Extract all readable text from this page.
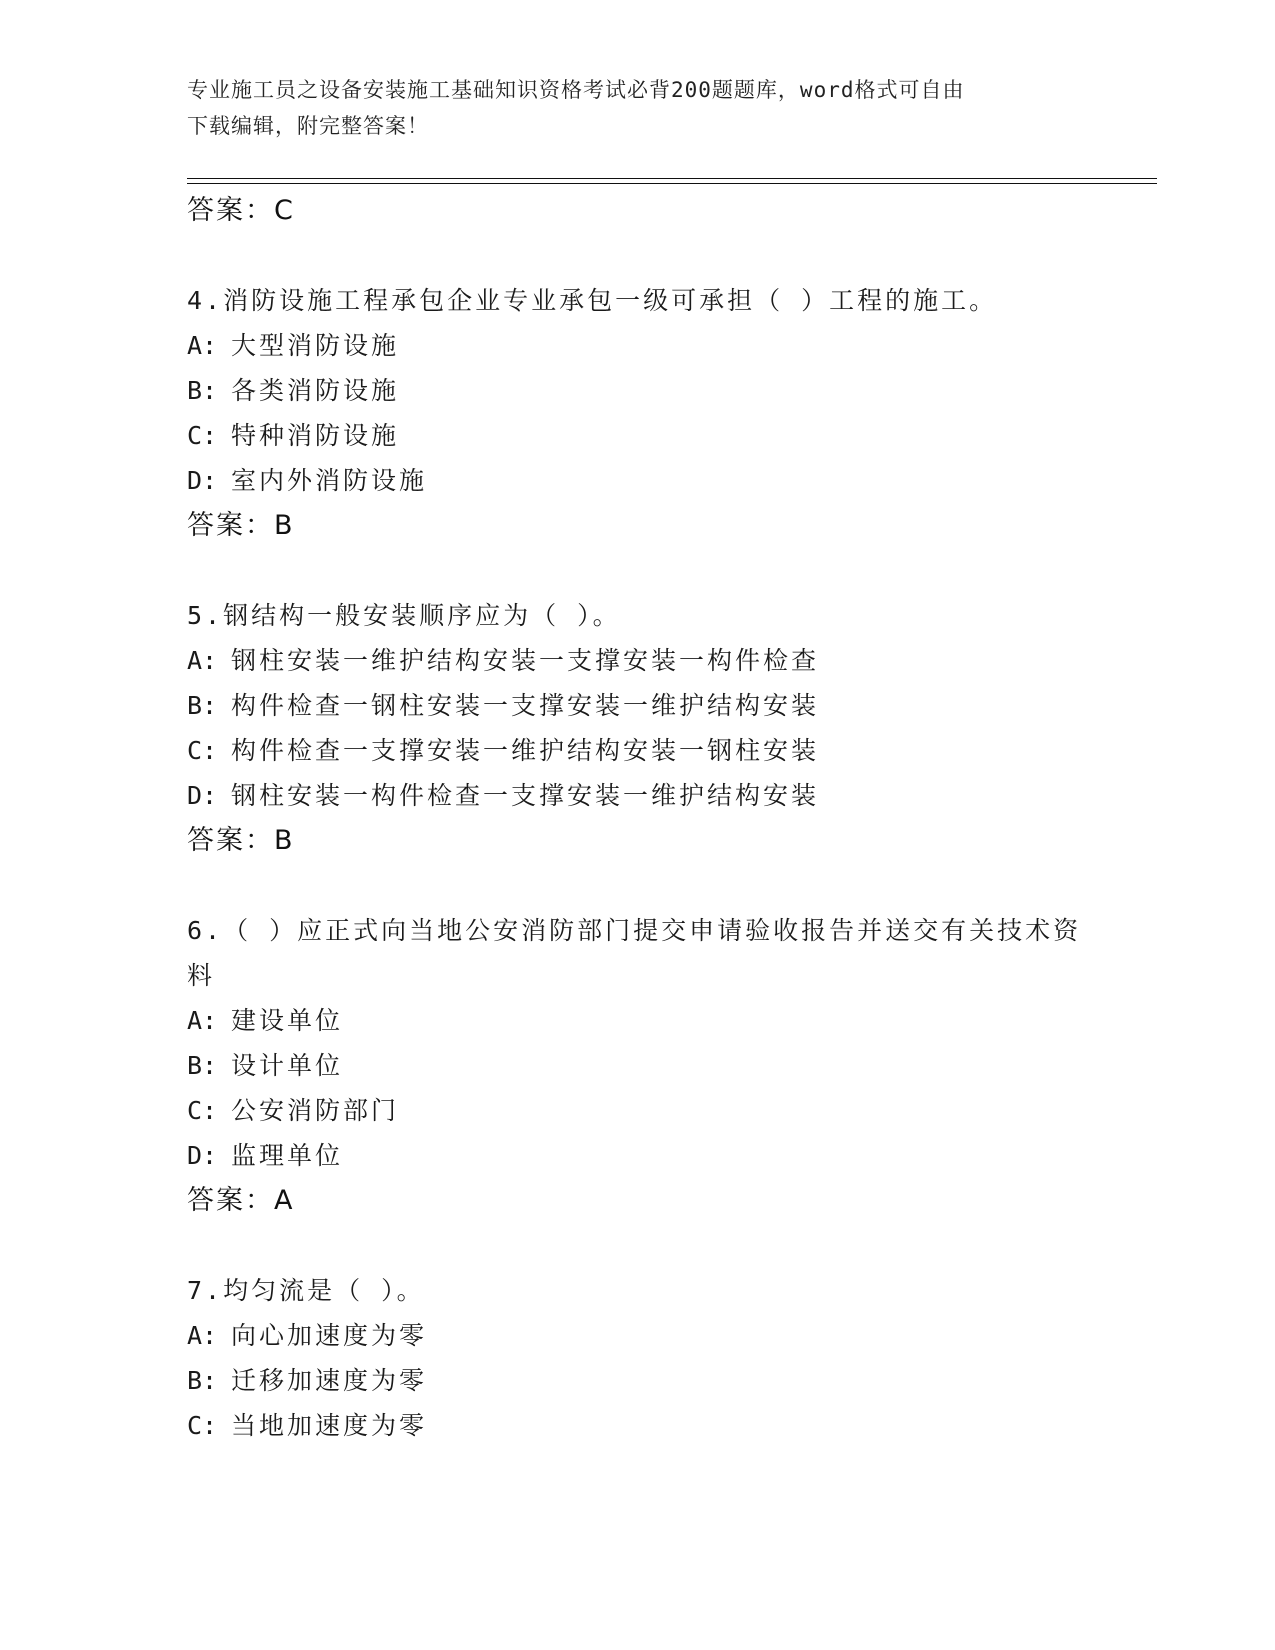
专业施工员之设备安装施工基础知识资格考试必背200题题库，word格式可自由
下载编辑，附完整答案！
答案：C
4.消防设施工程承包企业专业承包一级可承担（ ）工程的施工。
A: 大型消防设施
B: 各类消防设施
C: 特种消防设施
D: 室内外消防设施
答案：B
5.钢结构一般安装顺序应为（ ）。
A: 钢柱安装一维护结构安装一支撑安装一构件检查
B: 构件检查一钢柱安装一支撑安装一维护结构安装
C: 构件检查一支撑安装一维护结构安装一钢柱安装
D: 钢柱安装一构件检查一支撑安装一维护结构安装
答案：B
6.（ ）应正式向当地公安消防部门提交申请验收报告并送交有关技术资料
A: 建设单位
B: 设计单位
C: 公安消防部门
D: 监理单位
答案：A
7.均匀流是（ ）。
A: 向心加速度为零
B: 迁移加速度为零
C: 当地加速度为零
